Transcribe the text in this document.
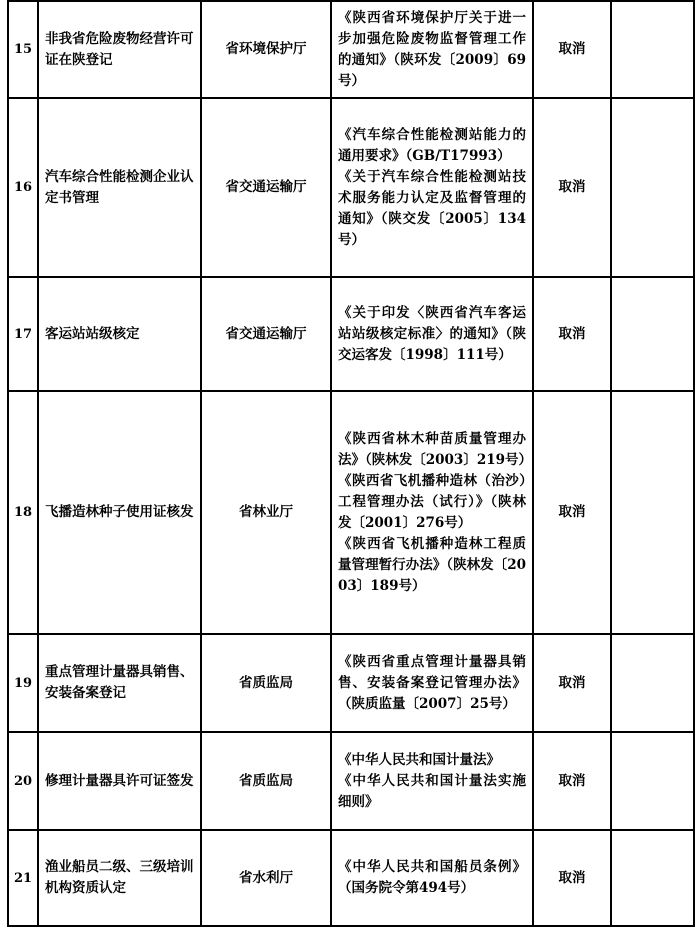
15	非我省危险废物经营许可证在陕登记	省环境保护厅	《陕西省环境保护厅关于进一步加强危险废物监督管理工作的通知》（陕环发〔2009〕69号）	取消	
16	汽车综合性能检测企业认定书管理	省交通运输厅	《汽车综合性能检测站能力的通用要求》（GB/T17993）
《关于汽车综合性能检测站技术服务能力认定及监督管理的通知》（陕交发〔2005〕134号）	取消	
17	客运站站级核定	省交通运输厅	《关于印发〈陕西省汽车客运站站级核定标准〉的通知》（陕交运客发〔1998〕111号）	取消	
18	飞播造林种子使用证核发	省林业厅	《陕西省林木种苗质量管理办法》（陕林发〔2003〕219号）
《陕西省飞机播种造林（治沙）工程管理办法（试行）》（陕林发〔2001〕276号）
《陕西省飞机播种造林工程质量管理暂行办法》（陕林发〔2003〕189号）	取消	
19	重点管理计量器具销售、安装备案登记	省质监局	《陕西省重点管理计量器具销售、安装备案登记管理办法》（陕质监量〔2007〕25号）	取消	
20	修理计量器具许可证签发	省质监局	《中华人民共和国计量法》
《中华人民共和国计量法实施细则》	取消	
21	渔业船员二级、三级培训机构资质认定	省水利厅	《中华人民共和国船员条例》（国务院令第494号）	取消	
